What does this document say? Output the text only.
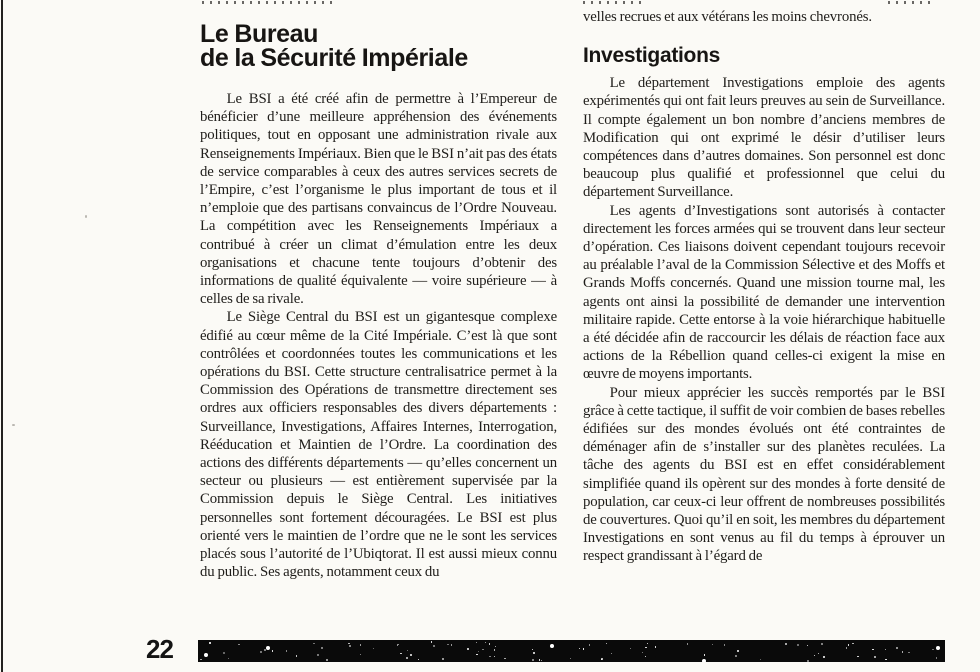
Le Bureau
de la Sécurité Impériale

Le BSI a été créé afin de permettre à l’Empereur de bénéficier d’une meilleure appréhension des événements politiques, tout en opposant une administration rivale aux Renseignements Impériaux. Bien que le BSI n’ait pas des états de service comparables à ceux des autres services secrets de l’Empire, c’est l’organisme le plus important de tous et il n’emploie que des partisans convaincus de l’Ordre Nouveau. La compétition avec les Renseignements Impériaux a contribué à créer un climat d’émulation entre les deux organisations et chacune tente toujours d’obtenir des informations de qualité équivalente — voire supérieure — à celles de sa rivale.

Le Siège Central du BSI est un gigantesque complexe édifié au cœur même de la Cité Impériale. C’est là que sont contrôlées et coordonnées toutes les communications et les opérations du BSI. Cette structure centralisatrice permet à la Commission des Opérations de transmettre directement ses ordres aux officiers responsables des divers départements : Surveillance, Investigations, Affaires Internes, Interrogation, Rééducation et Maintien de l’Ordre. La coordination des actions des différents départements — qu’elles concernent un secteur ou plusieurs — est entièrement supervisée par la Commission depuis le Siège Central. Les initiatives personnelles sont fortement découragées. Le BSI est plus orienté vers le maintien de l’ordre que ne le sont les services placés sous l’autorité de l’Ubiqtorat. Il est aussi mieux connu du public. Ses agents, notamment ceux du

velles recrues et aux vétérans les moins chevronés.

Investigations

Le département Investigations emploie des agents expérimentés qui ont fait leurs preuves au sein de Surveillance. Il compte également un bon nombre d’anciens membres de Modification qui ont exprimé le désir d’utiliser leurs compétences dans d’autres domaines. Son personnel est donc beaucoup plus qualifié et professionnel que celui du département Surveillance.

Les agents d’Investigations sont autorisés à contacter directement les forces armées qui se trouvent dans leur secteur d’opération. Ces liaisons doivent cependant toujours recevoir au préalable l’aval de la Commission Sélective et des Moffs et Grands Moffs concernés. Quand une mission tourne mal, les agents ont ainsi la possibilité de demander une intervention militaire rapide. Cette entorse à la voie hiérarchique habituelle a été décidée afin de raccourcir les délais de réaction face aux actions de la Rébellion quand celles-ci exigent la mise en œuvre de moyens importants.

Pour mieux apprécier les succès remportés par le BSI grâce à cette tactique, il suffit de voir combien de bases rebelles édifiées sur des mondes évolués ont été contraintes de déménager afin de s’installer sur des planètes reculées. La tâche des agents du BSI est en effet considérablement simplifiée quand ils opèrent sur des mondes à forte densité de population, car ceux-ci leur offrent de nombreuses possibilités de couvertures. Quoi qu’il en soit, les membres du département Investigations en sont venus au fil du temps à éprouver un respect grandissant à l’égard de

22
